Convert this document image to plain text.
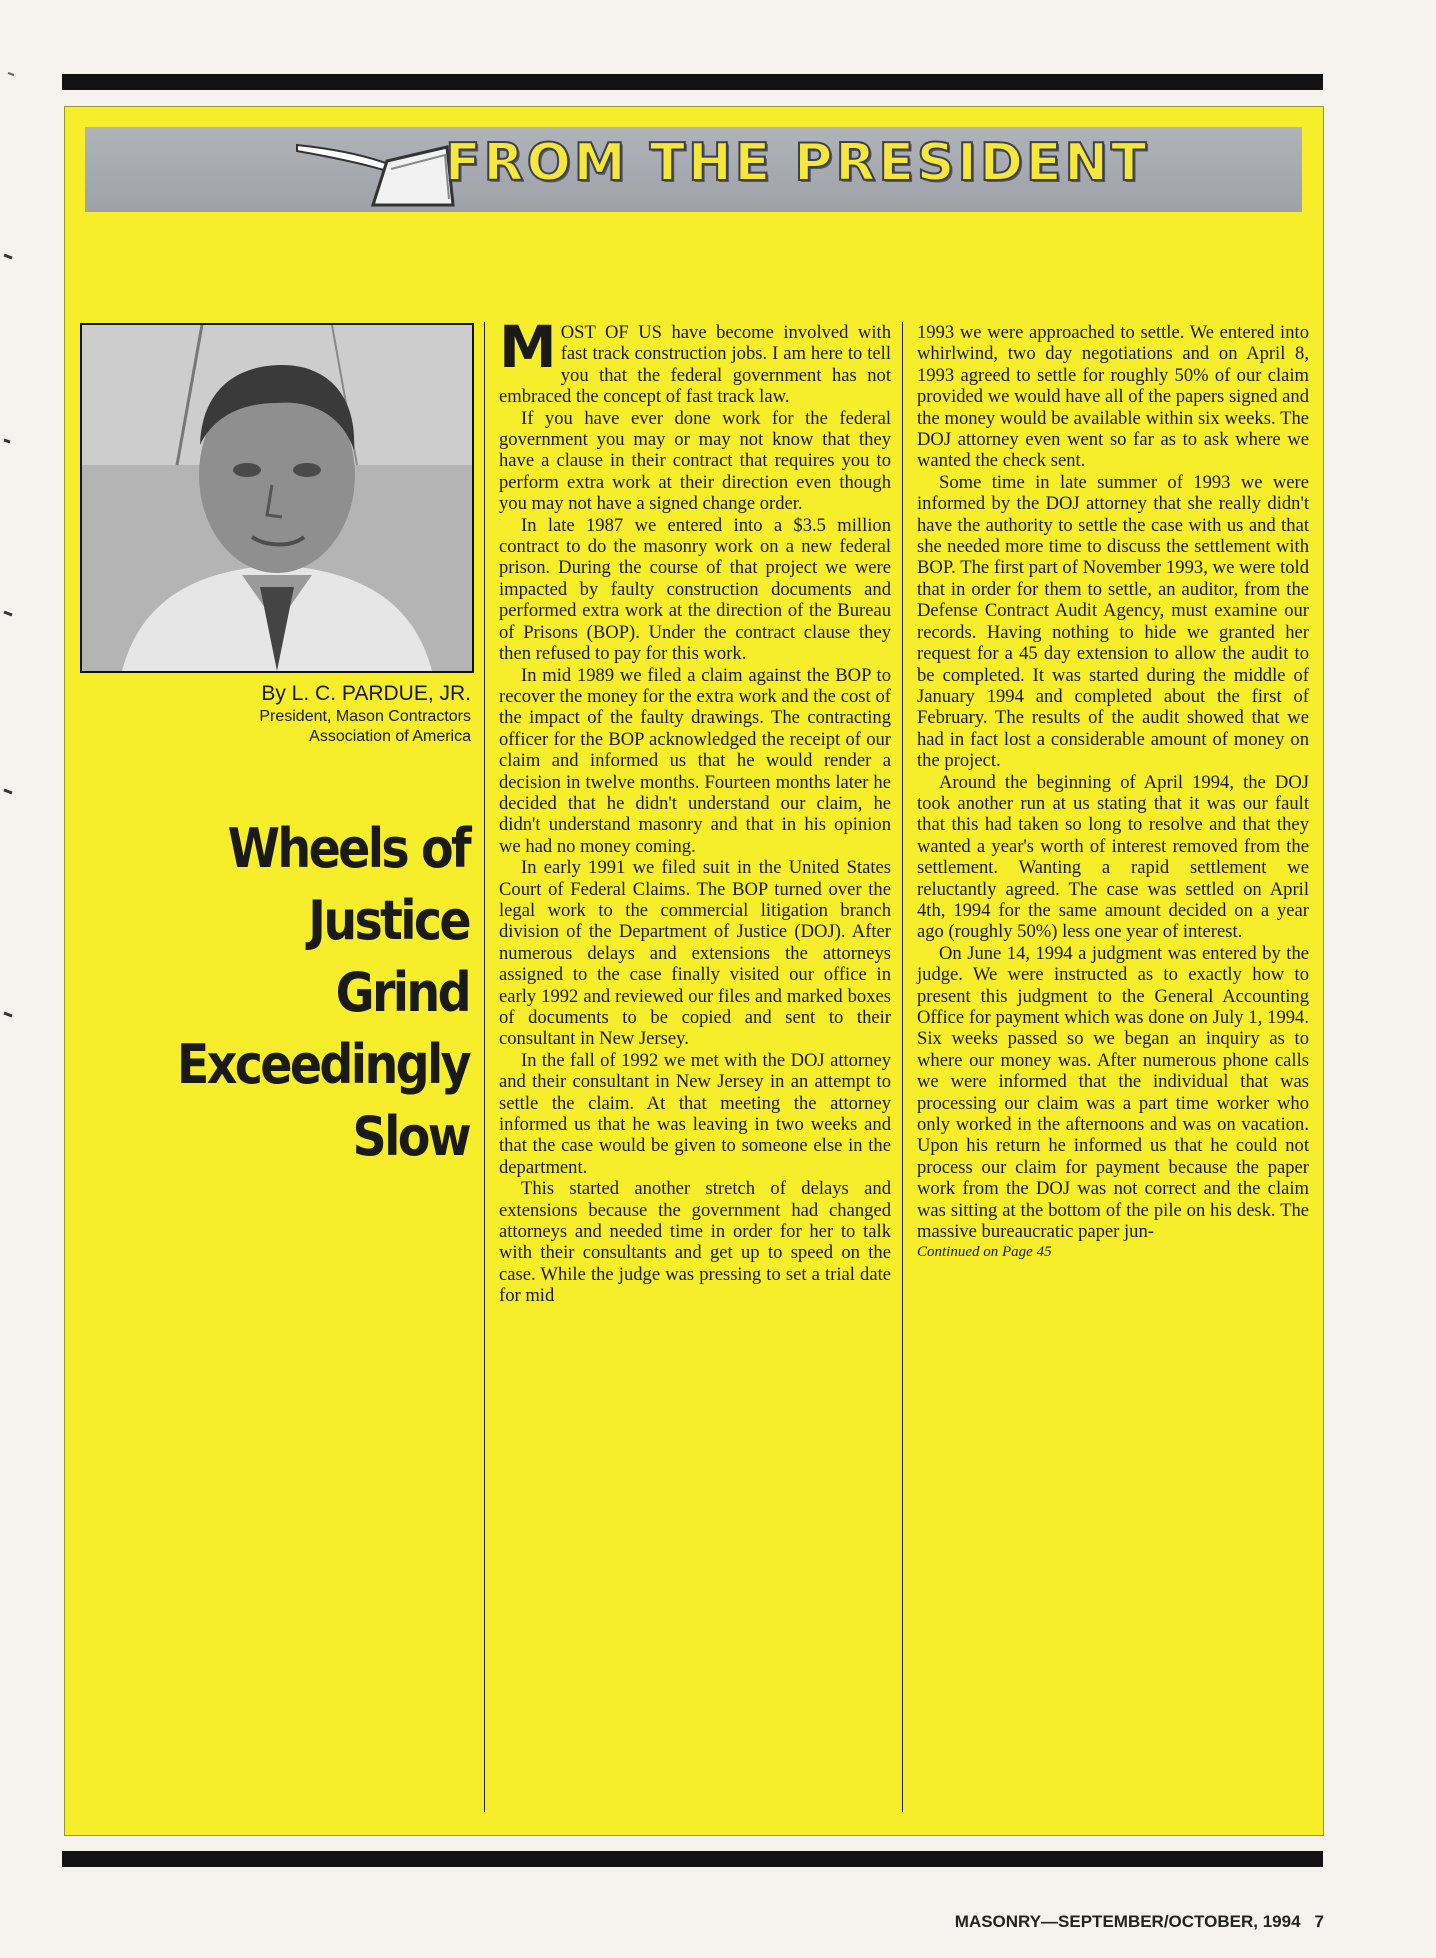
FROM THE PRESIDENT
By L. C. PARDUE, JR.
President, Mason Contractors
Association of America
Wheels of
Justice
Grind
Exceedingly
Slow

MOST OF US have become involved with fast track construction jobs. I am here to tell you that the federal government has not embraced the concept of fast track law.

If you have ever done work for the federal government you may or may not know that they have a clause in their contract that requires you to perform extra work at their direction even though you may not have a signed change order.

In late 1987 we entered into a $3.5 million contract to do the masonry work on a new federal prison. During the course of that project we were impacted by faulty construction documents and performed extra work at the direction of the Bureau of Prisons (BOP). Under the contract clause they then refused to pay for this work.

In mid 1989 we filed a claim against the BOP to recover the money for the extra work and the cost of the impact of the faulty drawings. The contracting officer for the BOP acknowledged the receipt of our claim and informed us that he would render a decision in twelve months. Fourteen months later he decided that he didn't understand our claim, he didn't understand masonry and that in his opinion we had no money coming.

In early 1991 we filed suit in the United States Court of Federal Claims. The BOP turned over the legal work to the commercial litigation branch division of the Department of Justice (DOJ). After numerous delays and extensions the attorneys assigned to the case finally visited our office in early 1992 and reviewed our files and marked boxes of documents to be copied and sent to their consultant in New Jersey.

In the fall of 1992 we met with the DOJ attorney and their consultant in New Jersey in an attempt to settle the claim. At that meeting the attorney informed us that he was leaving in two weeks and that the case would be given to someone else in the department.

This started another stretch of delays and extensions because the government had changed attorneys and needed time in order for her to talk with their consultants and get up to speed on the case. While the judge was pressing to set a trial date for mid

1993 we were approached to settle. We entered into whirlwind, two day negotiations and on April 8, 1993 agreed to settle for roughly 50% of our claim provided we would have all of the papers signed and the money would be available within six weeks. The DOJ attorney even went so far as to ask where we wanted the check sent.

Some time in late summer of 1993 we were informed by the DOJ attorney that she really didn't have the authority to settle the case with us and that she needed more time to discuss the settlement with BOP. The first part of November 1993, we were told that in order for them to settle, an auditor, from the Defense Contract Audit Agency, must examine our records. Having nothing to hide we granted her request for a 45 day extension to allow the audit to be completed. It was started during the middle of January 1994 and completed about the first of February. The results of the audit showed that we had in fact lost a considerable amount of money on the project.

Around the beginning of April 1994, the DOJ took another run at us stating that it was our fault that this had taken so long to resolve and that they wanted a year's worth of interest removed from the settlement. Wanting a rapid settlement we reluctantly agreed. The case was settled on April 4th, 1994 for the same amount decided on a year ago (roughly 50%) less one year of interest.

On June 14, 1994 a judgment was entered by the judge. We were instructed as to exactly how to present this judgment to the General Accounting Office for payment which was done on July 1, 1994. Six weeks passed so we began an inquiry as to where our money was. After numerous phone calls we were informed that the individual that was processing our claim was a part time worker who only worked in the afternoons and was on vacation. Upon his return he informed us that he could not process our claim for payment because the paper work from the DOJ was not correct and the claim was sitting at the bottom of the pile on his desk. The massive bureaucratic paper jun-

Continued on Page 45
MASONRY—SEPTEMBER/OCTOBER, 1994 7
